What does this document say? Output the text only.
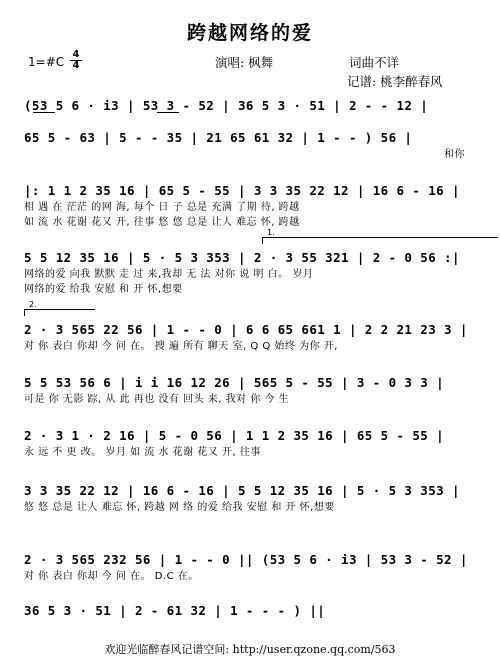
跨越网络的爱
1=#C
4
4	演唱: 枫舞	词曲不详
记谱: 桃李醉春风
(53 5 6 · i3 | 53 3 - 52 | 36 5 3 · 51 | 2 - - 12 |
65 5 - 63 | 5 - - 35 | 21 65 61 32 | 1 - - ) 56 |
和你
|: 1 1 2 35 16 | 65 5 - 55 | 3 3 35 22 12 | 16 6 - 16 |
相 遇 在 茫茫 的网 海, 每个 日 子 总是 充满 了期 待, 跨越
如 流 水 花谢 花又 开, 往事 悠 悠 总是 让人 难忘 怀, 跨越
1.
5 5 12 35 16 | 5 · 5 3 353 | 2 · 3 55 321 | 2 - 0 56 :|
网络的爱 向我 默默 走 过 来,我却 无 法 对你 说 明 白。 岁月
网络的爱 给我 安慰 和 开 怀,想要
2.
2 · 3 565 22 56 | 1 - - 0 | 6 6 65 661 1 | 2 2 21 23 3 |
对 你 表白 你却 今 问 在。 搜 遍 所有 聊天 室, Q Q 始终 为你 开,
5 5 53 56 6 | i i 16 12 26 | 565 5 - 55 | 3 - 0 3 3 |
可是 你 无影 踪, 从 此 再也 没有 回头 来, 我对 你 今 生
2 · 3 1 · 2 16 | 5 - 0 56 | 1 1 2 35 16 | 65 5 - 55 |
永 远 不 更 改。 岁月 如 流 水 花谢 花又 开, 往事
3 3 35 22 12 | 16 6 - 16 | 5 5 12 35 16 | 5 · 5 3 353 |
悠 悠 总是 让人 难忘 怀, 跨越 网 络 的爱 给我 安慰 和 开 怀,想要
2 · 3 565 232 56 | 1 - - 0 || (53 5 6 · i3 | 53 3 - 52 |
对 你 表白 你却 今 问 在。 D.C 在。
36 5 3 · 51 | 2 - 61 32 | 1 - - - ) ||
欢迎光临醉春风记谱空间: http://user.qzone.qq.com/563
